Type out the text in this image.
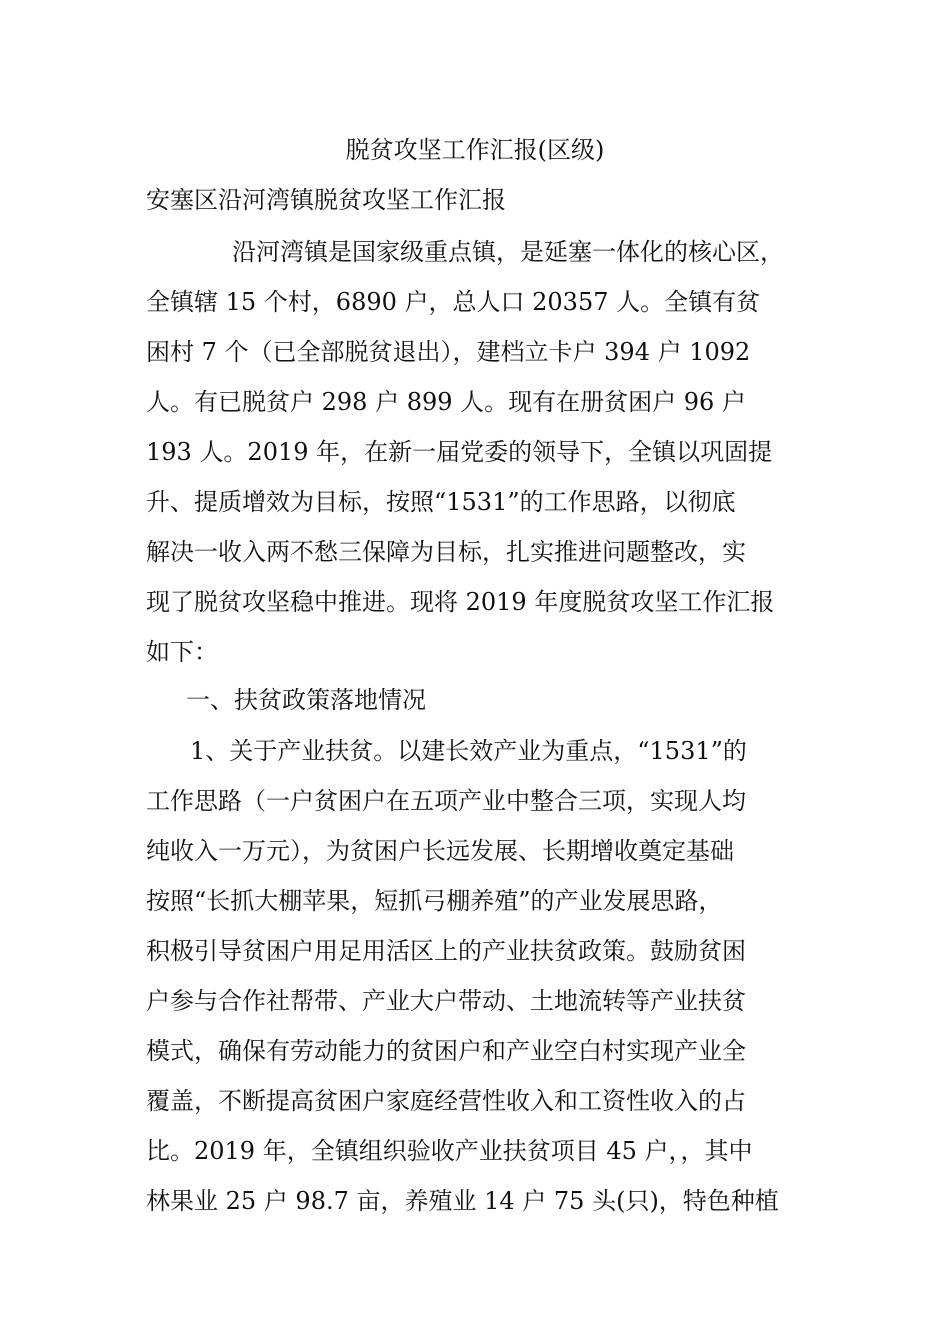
脱贫攻坚工作汇报(区级)
安塞区沿河湾镇脱贫攻坚工作汇报
沿河湾镇是国家级重点镇，是延塞一体化的核心区，
全镇辖 15 个村，6890 户，总人口 20357 人。全镇有贫
困村 7 个（已全部脱贫退出），建档立卡户 394 户 1092
人。有已脱贫户 298 户 899 人。现有在册贫困户 96 户
193 人。2019 年，在新一届党委的领导下，全镇以巩固提
升、提质增效为目标，按照“1531”的工作思路，以彻底
解决一收入两不愁三保障为目标，扎实推进问题整改，实
现了脱贫攻坚稳中推进。现将 2019 年度脱贫攻坚工作汇报
如下：
一、扶贫政策落地情况
1、关于产业扶贫。以建长效产业为重点，“1531”的
工作思路（一户贫困户在五项产业中整合三项，实现人均
纯收入一万元），为贫困户长远发展、长期增收奠定基础
按照“长抓大棚苹果，短抓弓棚养殖”的产业发展思路，
积极引导贫困户用足用活区上的产业扶贫政策。鼓励贫困
户参与合作社帮带、产业大户带动、土地流转等产业扶贫
模式，确保有劳动能力的贫困户和产业空白村实现产业全
覆盖，不断提高贫困户家庭经营性收入和工资性收入的占
比。2019 年，全镇组织验收产业扶贫项目 45 户，，其中
林果业 25 户 98.7 亩，养殖业 14 户 75 头(只)，特色种植
